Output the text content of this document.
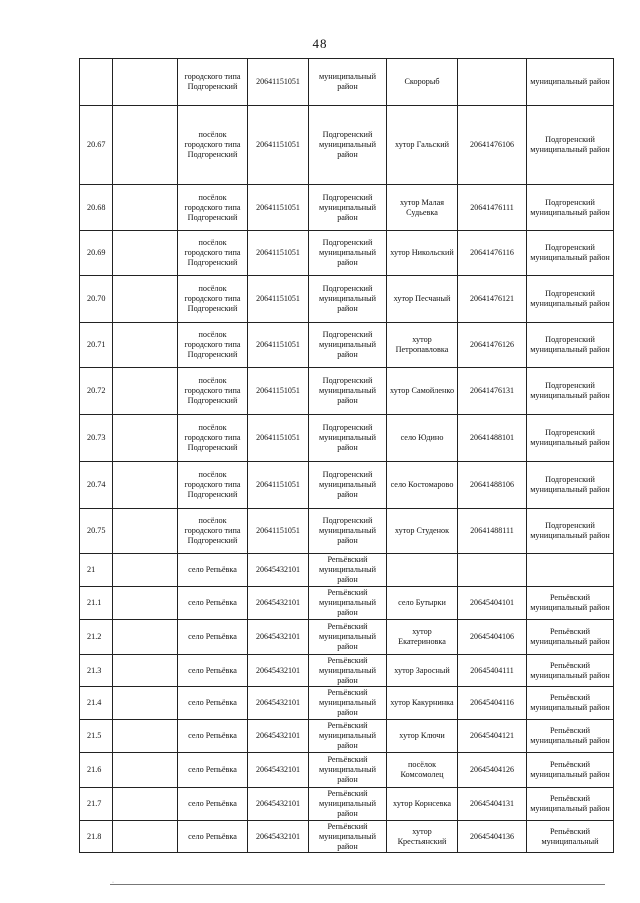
48
		городского типа Подгоренский	20641151051	муниципальный район	Скорорыб		муниципальный район
20.67		посёлок городского типа Подгоренский	20641151051	Подгоренский муниципальный район	хутор Гальский	20641476106	Подгоренский муниципальный район
20.68		посёлок городского типа Подгоренский	20641151051	Подгоренский муниципальный район	хутор Малая Судьевка	20641476111	Подгоренский муниципальный район
20.69		посёлок городского типа Подгоренский	20641151051	Подгоренский муниципальный район	хутор Никольский	20641476116	Подгоренский муниципальный район
20.70		посёлок городского типа Подгоренский	20641151051	Подгоренский муниципальный район	хутор Песчаный	20641476121	Подгоренский муниципальный район
20.71		посёлок городского типа Подгоренский	20641151051	Подгоренский муниципальный район	хутор Петропавловка	20641476126	Подгоренский муниципальный район
20.72		посёлок городского типа Подгоренский	20641151051	Подгоренский муниципальный район	хутор Самойленко	20641476131	Подгоренский муниципальный район
20.73		посёлок городского типа Подгоренский	20641151051	Подгоренский муниципальный район	село Юдино	20641488101	Подгоренский муниципальный район
20.74		посёлок городского типа Подгоренский	20641151051	Подгоренский муниципальный район	село Костомарово	20641488106	Подгоренский муниципальный район
20.75		посёлок городского типа Подгоренский	20641151051	Подгоренский муниципальный район	хутор Студенок	20641488111	Подгоренский муниципальный район
21		село Репьёвка	20645432101	Репьёвский муниципальный район			
21.1		село Репьёвка	20645432101	Репьёвский муниципальный район	село Бутырки	20645404101	Репьёвский муниципальный район
21.2		село Репьёвка	20645432101	Репьёвский муниципальный район	хутор Екатериновка	20645404106	Репьёвский муниципальный район
21.3		село Репьёвка	20645432101	Репьёвский муниципальный район	хутор Заросный	20645404111	Репьёвский муниципальный район
21.4		село Репьёвка	20645432101	Репьёвский муниципальный район	хутор Какурнинка	20645404116	Репьёвский муниципальный район
21.5		село Репьёвка	20645432101	Репьёвский муниципальный район	хутор Ключи	20645404121	Репьёвский муниципальный район
21.6		село Репьёвка	20645432101	Репьёвский муниципальный район	посёлок Комсомолец	20645404126	Репьёвский муниципальный район
21.7		село Репьёвка	20645432101	Репьёвский муниципальный район	хутор Корнсевка	20645404131	Репьёвский муниципальный район
21.8		село Репьёвка	20645432101	Репьёвский муниципальный район	хутор Крестьянский	20645404136	Репьёвский муниципальный
·
